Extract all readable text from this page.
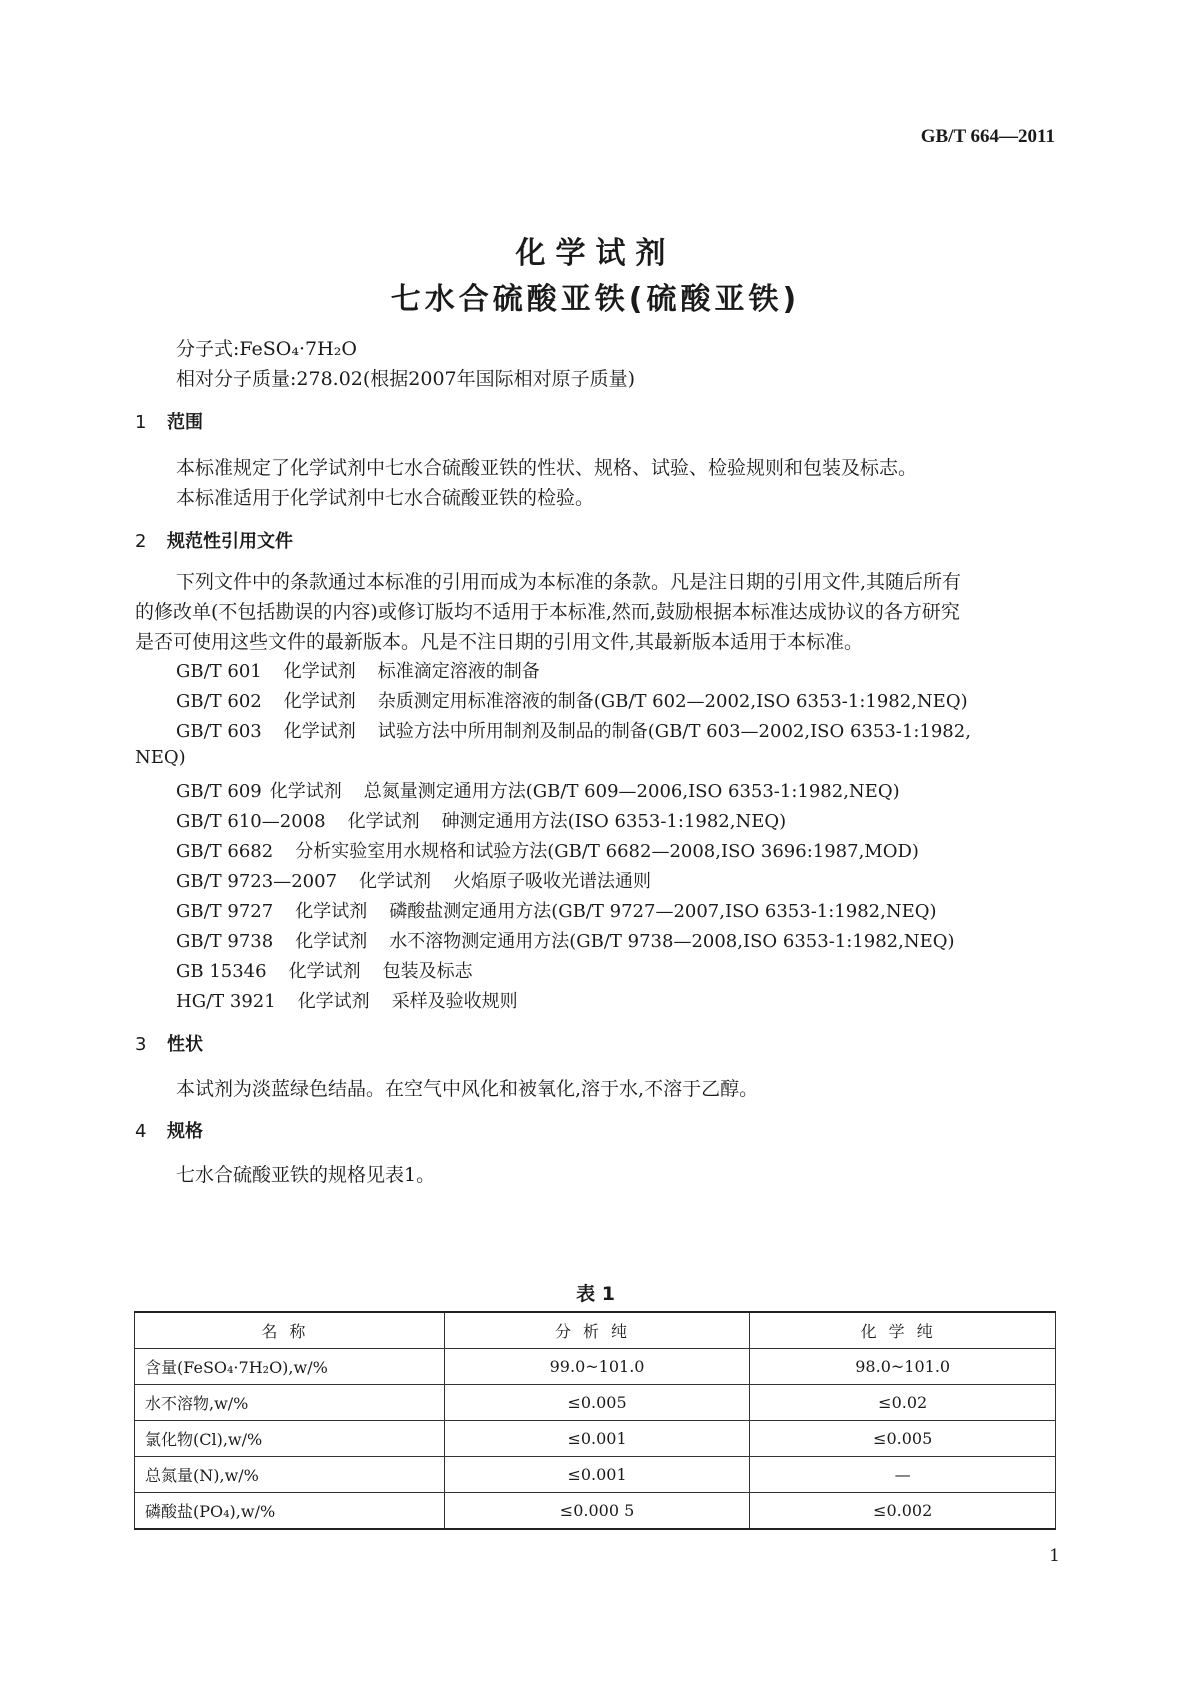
GB/T 664—2011
化学试剂
七水合硫酸亚铁(硫酸亚铁)
分子式:FeSO₄·7H₂O
相对分子质量:278.02(根据2007年国际相对原子质量)
1 范围
本标准规定了化学试剂中七水合硫酸亚铁的性状、规格、试验、检验规则和包装及标志。
本标准适用于化学试剂中七水合硫酸亚铁的检验。
2 规范性引用文件
下列文件中的条款通过本标准的引用而成为本标准的条款。凡是注日期的引用文件,其随后所有
的修改单(不包括勘误的内容)或修订版均不适用于本标准,然而,鼓励根据本标准达成协议的各方研究
是否可使用这些文件的最新版本。凡是不注日期的引用文件,其最新版本适用于本标准。
GB/T 601 化学试剂 标准滴定溶液的制备
GB/T 602 化学试剂 杂质测定用标准溶液的制备(GB/T 602—2002,ISO 6353-1:1982,NEQ)
GB/T 603 化学试剂 试验方法中所用制剂及制品的制备(GB/T 603—2002,ISO 6353-1:1982,
NEQ)
GB/T 609 化学试剂 总氮量测定通用方法(GB/T 609—2006,ISO 6353-1:1982,NEQ)
GB/T 610—2008 化学试剂 砷测定通用方法(ISO 6353-1:1982,NEQ)
GB/T 6682 分析实验室用水规格和试验方法(GB/T 6682—2008,ISO 3696:1987,MOD)
GB/T 9723—2007 化学试剂 火焰原子吸收光谱法通则
GB/T 9727 化学试剂 磷酸盐测定通用方法(GB/T 9727—2007,ISO 6353-1:1982,NEQ)
GB/T 9738 化学试剂 水不溶物测定通用方法(GB/T 9738—2008,ISO 6353-1:1982,NEQ)
GB 15346 化学试剂 包装及标志
HG/T 3921 化学试剂 采样及验收规则
3 性状
本试剂为淡蓝绿色结晶。在空气中风化和被氧化,溶于水,不溶于乙醇。
4 规格
七水合硫酸亚铁的规格见表1。
表 1
名称	分析纯	化学纯
含量(FeSO₄·7H₂O),w/%	99.0~101.0	98.0~101.0
水不溶物,w/%	≤0.005	≤0.02
氯化物(Cl),w/%	≤0.001	≤0.005
总氮量(N),w/%	≤0.001	—
磷酸盐(PO₄),w/%	≤0.000 5	≤0.002
1
